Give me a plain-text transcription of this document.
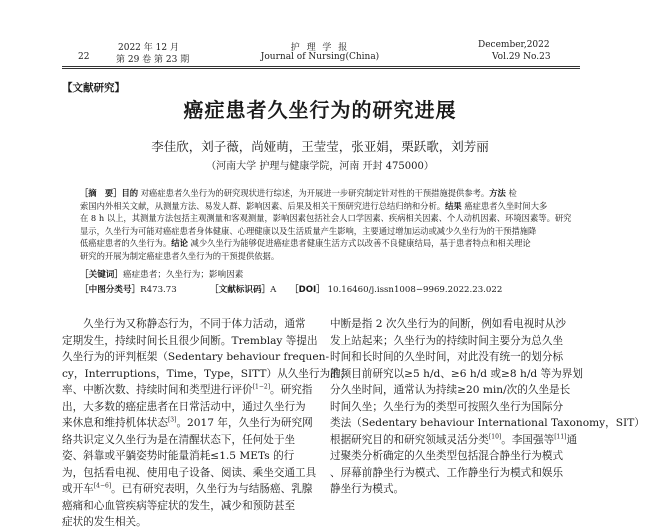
22
2022 年 12 月
第 29 卷 第 23 期
护 理 学 报
Journal of Nursing(China)
December,2022
Vol.29 No.23
【文献研究】
癌症患者久坐行为的研究进展
李佳欣，刘子薇，尚娅萌，王莹莹，张亚娟，栗跃歌，刘芳丽
（河南大学 护理与健康学院，河南 开封 475000）
［摘　要］目的 对癌症患者久坐行为的研究现状进行综述，为开展进一步研究制定针对性的干预措施提供参考。方法 检
索国内外相关文献，从测量方法、易发人群、影响因素、后果及相关干预研究进行总结归纳和分析。结果 癌症患者久坐时间大多
在 8 h 以上，其测量方法包括主观测量和客观测量，影响因素包括社会人口学因素、疾病相关因素、个人动机因素、环境因素等。研究
显示，久坐行为可能对癌症患者身体健康、心理健康以及生活质量产生影响，主要通过增加运动或减少久坐行为的干预措施降
低癌症患者的久坐行为。结论 减少久坐行为能够促进癌症患者健康生活方式以改善不良健康结局，基于患者特点和相关理论
研究的开展为制定癌症患者久坐行为的干预提供依据。
［关键词］癌症患者；久坐行为；影响因素
［中图分类号］R473.73	［文献标识码］A ［DOI］ 10.16460/j.issn1008−9969.2022.23.022
　　久坐行为又称静态行为，不同于体力活动，通常
定期发生，持续时间长且很少间断。Tremblay 等提出
久坐行为的评判框架（Sedentary behaviour frequen-
cy，Interruptions，Time，Type，SITT）从久坐行为的频
率、中断次数、持续时间和类型进行评价[1−2]。研究指
出，大多数的癌症患者在日常活动中，通过久坐行为
来休息和维持机体状态[3]。2017 年，久坐行为研究网
络共识定义久坐行为是在清醒状态下，任何处于坐
姿、斜靠或平躺姿势时能量消耗≤1.5 METs 的行
为，包括看电视、使用电子设备、阅读、乘坐交通工具
或开车[4−6]。已有研究表明，久坐行为与结肠癌、乳腺
癌痛和心血管疾病等症状的发生，减少和预防甚至
症状的发生相关。
中断是指 2 次久坐行为的间断，例如看电视时从沙
发上站起来；久坐行为的持续时间主要分为总久坐
时间和长时间的久坐时间，对此没有统一的划分标
准，目前研究以≥5 h/d、≥6 h/d 或≥8 h/d 等为界划
分久坐时间，通常认为持续≥20 min/次的久坐是长
时间久坐；久坐行为的类型可按照久坐行为国际分
类法（Sedentary behaviour International Taxonomy，SIT）
根据研究目的和研究领域灵活分类[10]。李国强等[11]通
过聚类分析确定的久坐类型包括混合静坐行为模式
、屏幕前静坐行为模式、工作静坐行为模式和娱乐
静坐行为模式。
